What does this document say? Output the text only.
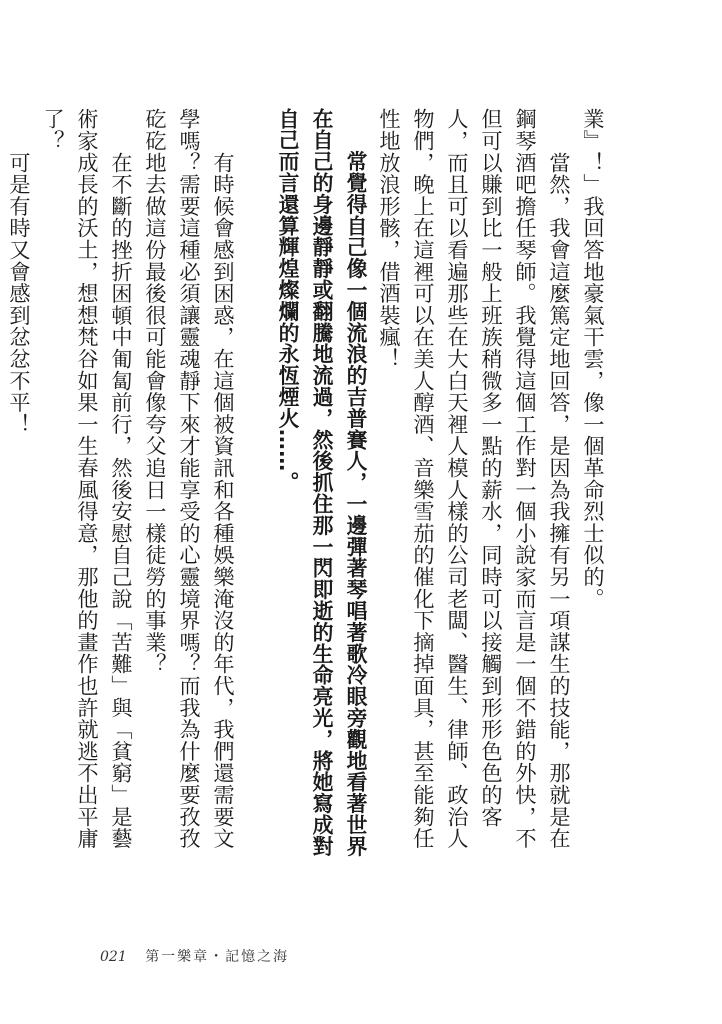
業』！」我回答地豪氣干雲，像一個革命烈士似的。

　　當然，我會這麼篤定地回答，是因為我擁有另一項謀生的技能，那就是在鋼琴酒吧擔任琴師。我覺得這個工作對一個小說家而言是一個不錯的外快，不但可以賺到比一般上班族稍微多一點的薪水，同時可以接觸到形形色色的客人，而且可以看遍那些在大白天裡人模人樣的公司老闆、醫生、律師、政治人物們，晚上在這裡可以在美人醇酒、音樂雪茄的催化下摘掉面具，甚至能夠任性地放浪形骸，借酒裝瘋！

　　常覺得自己像一個流浪的吉普賽人，一邊彈著琴唱著歌冷眼旁觀地看著世界在自己的身邊靜靜或翻騰地流過，然後抓住那一閃即逝的生命亮光，將她寫成對自己而言還算輝煌燦爛的永恆煙火……。

　　有時候會感到困惑，在這個被資訊和各種娛樂淹沒的年代，我們還需要文學嗎？需要這種必須讓靈魂靜下來才能享受的心靈境界嗎？而我為什麼要孜孜矻矻地去做這份最後很可能會像夸父追日一樣徒勞的事業？

　　在不斷的挫折困頓中匍匐前行，然後安慰自己說「苦難」與「貧窮」是藝術家成長的沃土，想想梵谷如果一生春風得意，那他的畫作也許就逃不出平庸了？

　　可是有時又會感到忿忿不平！

021 第一樂章・記憶之海
